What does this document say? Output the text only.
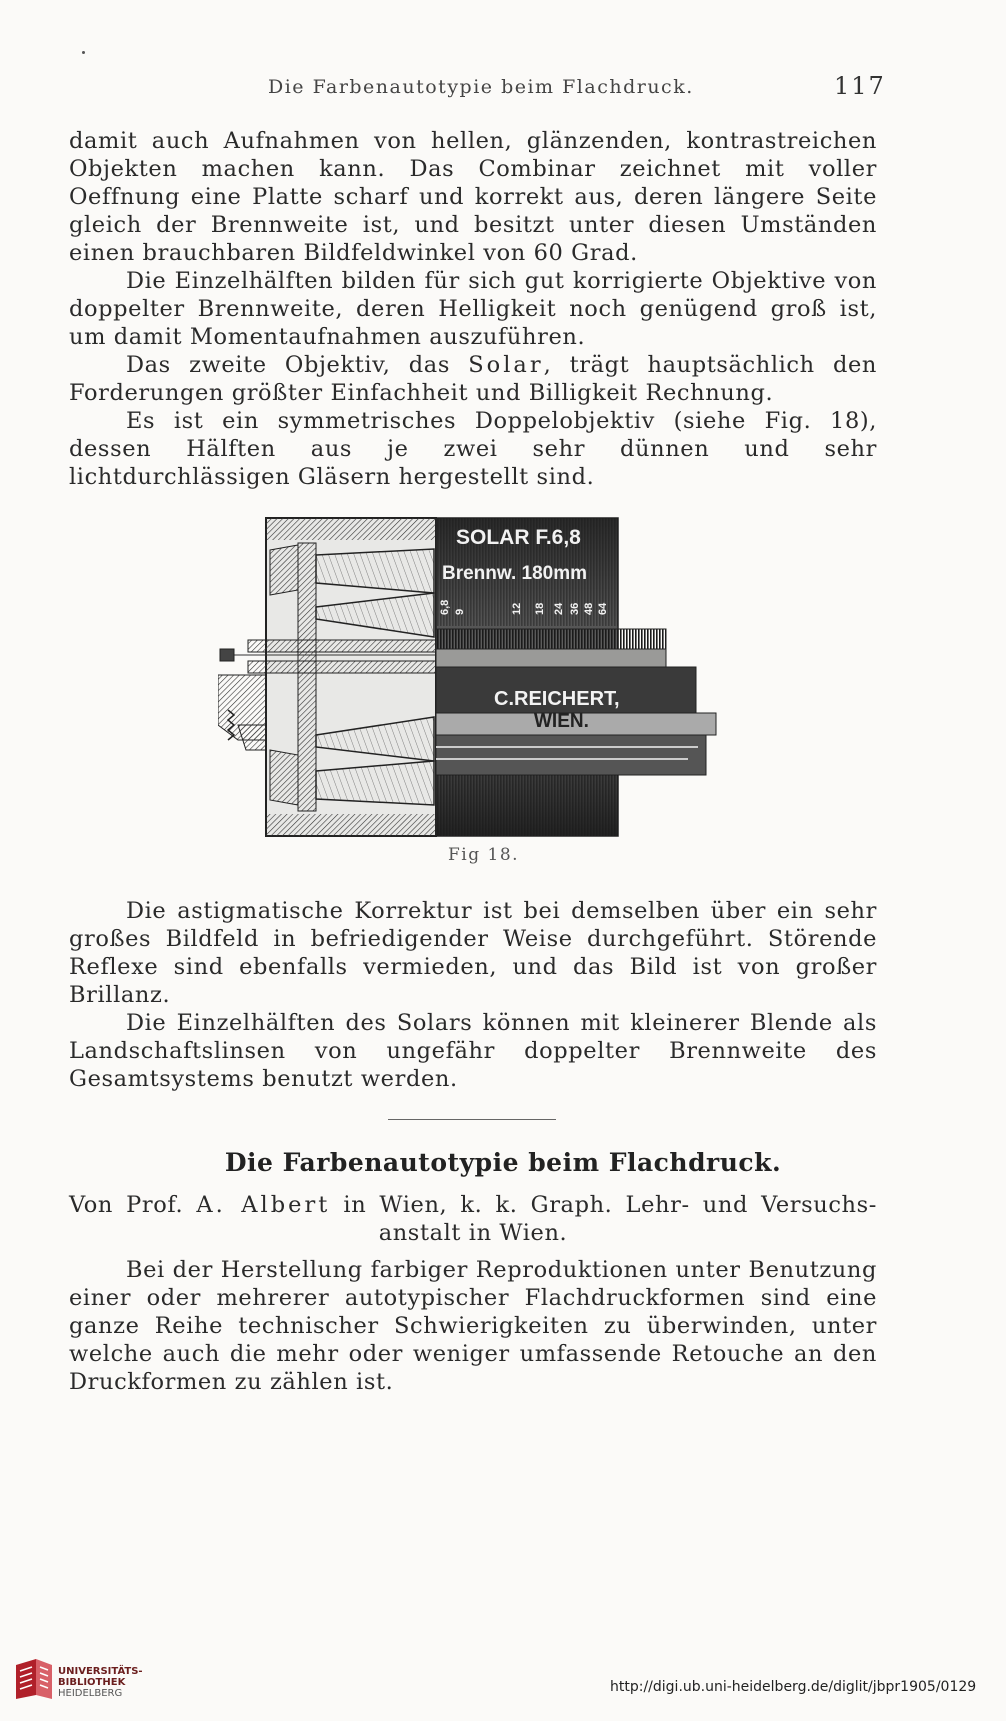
Die Farbenautotypie beim Flachdruck.	117

damit auch Aufnahmen von hellen, glänzenden, kontrastreichen Objekten machen kann. Das Combinar zeichnet mit voller Oeffnung eine Platte scharf und korrekt aus, deren längere Seite gleich der Brennweite ist, und besitzt unter diesen Umständen einen brauchbaren Bildfeldwinkel von 60 Grad.

Die Einzelhälften bilden für sich gut korrigierte Objektive von doppelter Brennweite, deren Helligkeit noch genügend groß ist, um damit Momentaufnahmen auszuführen.

Das zweite Objektiv, das Solar, trägt hauptsächlich den Forderungen größter Einfachheit und Billigkeit Rechnung.

Es ist ein symmetrisches Doppelobjektiv (siehe Fig. 18), dessen Hälften aus je zwei sehr dünnen und sehr lichtdurchlässigen Gläsern hergestellt sind.

SOLAR F.6,8
Brennw. 180mm
6,8 9	12 18 24 36 48 64
C.REICHERT,
WIEN.
Fig 18.

Die astigmatische Korrektur ist bei demselben über ein sehr großes Bildfeld in befriedigender Weise durchgeführt. Störende Reflexe sind ebenfalls vermieden, und das Bild ist von großer Brillanz.

Die Einzelhälften des Solars können mit kleinerer Blende als Landschaftslinsen von ungefähr doppelter Brennweite des Gesamtsystems benutzt werden.

Die Farbenautotypie beim Flachdruck.
Von Prof. A. Albert in Wien, k. k. Graph. Lehr- und Versuchs-
anstalt in Wien.

Bei der Herstellung farbiger Reproduktionen unter Benutzung einer oder mehrerer autotypischer Flachdruckformen sind eine ganze Reihe technischer Schwierigkeiten zu überwinden, unter welche auch die mehr oder weniger umfassende Retouche an den Druckformen zu zählen ist.

UNIVERSITÄTS-
BIBLIOTHEK
HEIDELBERG	http://digi.ub.uni-heidelberg.de/diglit/jbpr1905/0129
